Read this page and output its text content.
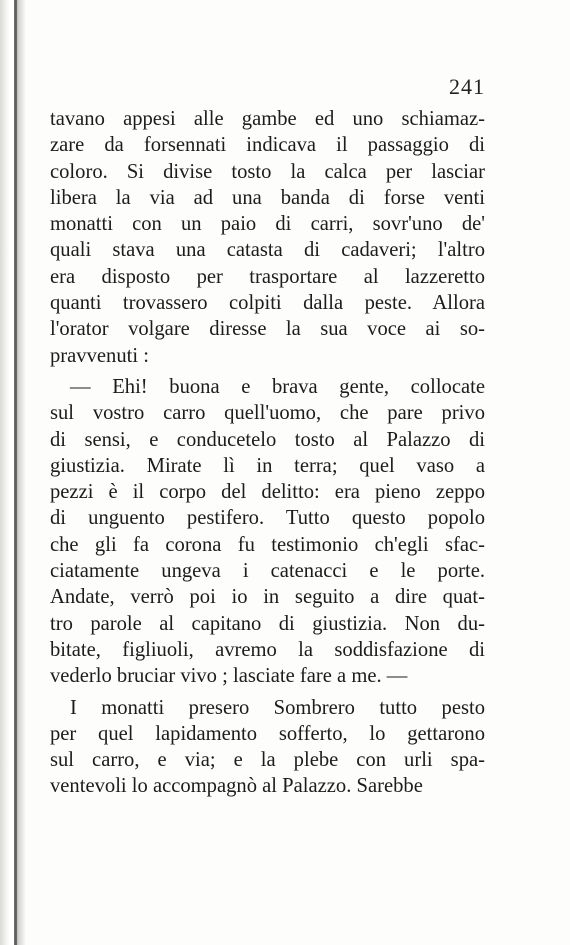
241
tavano appesi alle gambe ed uno schiamaz-
zare da forsennati indicava il passaggio di
coloro. Si divise tosto la calca per lasciar
libera la via ad una banda di forse venti
monatti con un paio di carri, sovr'uno de'
quali stava una catasta di cadaveri; l'altro
era disposto per trasportare al lazzeretto
quanti trovassero colpiti dalla peste. Allora
l'orator volgare diresse la sua voce ai so-
pravvenuti :
— Ehi! buona e brava gente, collocate
sul vostro carro quell'uomo, che pare privo
di sensi, e conducetelo tosto al Palazzo di
giustizia. Mirate lì in terra; quel vaso a
pezzi è il corpo del delitto: era pieno zeppo
di unguento pestifero. Tutto questo popolo
che gli fa corona fu testimonio ch'egli sfac-
ciatamente ungeva i catenacci e le porte.
Andate, verrò poi io in seguito a dire quat-
tro parole al capitano di giustizia. Non du-
bitate, figliuoli, avremo la soddisfazione di
vederlo bruciar vivo ; lasciate fare a me. —
I monatti presero Sombrero tutto pesto
per quel lapidamento sofferto, lo gettarono
sul carro, e via; e la plebe con urli spa-
ventevoli lo accompagnò al Palazzo. Sarebbe
